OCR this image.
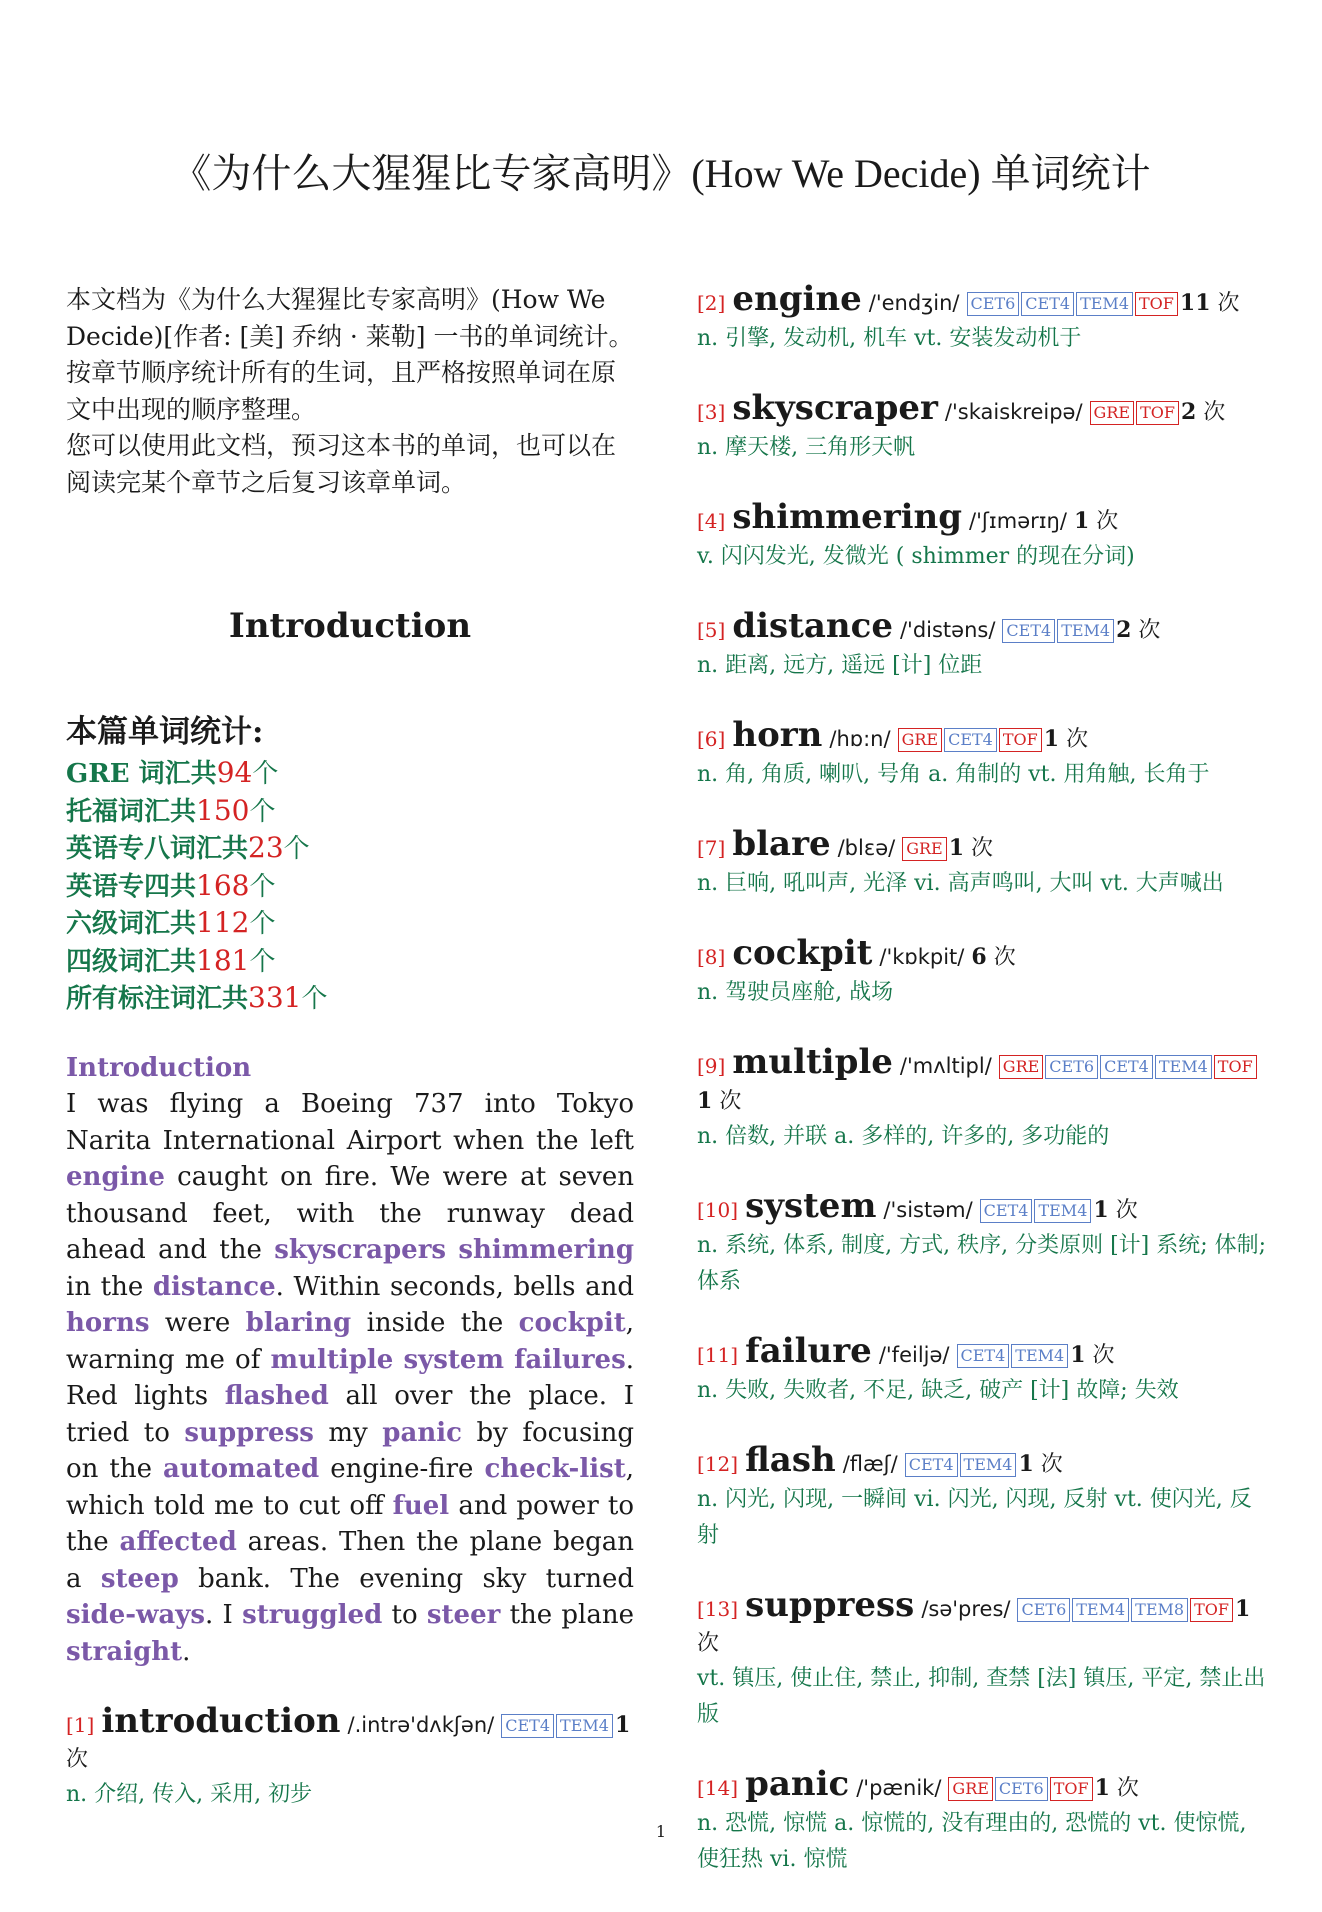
《为什么大猩猩比专家高明》(How We Decide) 单词统计

本文档为《为什么大猩猩比专家高明》(How We Decide)[作者: [美] 乔纳 · 莱勒] 一书的单词统计。

按章节顺序统计所有的生词，且严格按照单词在原文中出现的顺序整理。

您可以使用此文档，预习这本书的单词，也可以在阅读完某个章节之后复习该章单词。

Introduction
本篇单词统计:
GRE 词汇共94个
托福词汇共150个
英语专八词汇共23个
英语专四共168个
六级词汇共112个
四级词汇共181个
所有标注词汇共331个
Introduction
I was flying a Boeing 737 into Tokyo Narita International Airport when the left engine caught on fire. We were at seven thousand feet, with the runway dead ahead and the skyscrapers shimmering in the distance. Within seconds, bells and horns were blaring inside the cockpit, warning me of multiple system failures. Red lights flashed all over the place. I tried to suppress my panic by focusing on the automated engine-fire check-list, which told me to cut off fuel and power to the affected areas. Then the plane began a steep bank. The evening sky turned side-ways. I struggled to steer the plane straight.
[1] introduction /.intrə'dʌkʃən/ CET4 TEM4 1 次
n. 介绍, 传入, 采用, 初步
[2] engine /'endʒin/ CET6 CET4 TEM4 TOF 11 次
n. 引擎, 发动机, 机车 vt. 安装发动机于
[3] skyscraper /'skaiskreipə/ GRE TOF 2 次
n. 摩天楼, 三角形天帆
[4] shimmering /'ʃɪmərɪŋ/ 1 次
v. 闪闪发光, 发微光 ( shimmer 的现在分词)
[5] distance /'distəns/ CET4 TEM4 2 次
n. 距离, 远方, 遥远 [计] 位距
[6] horn /hɒ:n/ GRE CET4 TOF 1 次
n. 角, 角质, 喇叭, 号角 a. 角制的 vt. 用角触, 长角于
[7] blare /blɛə/ GRE 1 次
n. 巨响, 吼叫声, 光泽 vi. 高声鸣叫, 大叫 vt. 大声喊出
[8] cockpit /'kɒkpit/ 6 次
n. 驾驶员座舱, 战场
[9] multiple /'mʌltipl/ GRE CET6 CET4 TEM4 TOF1 次
n. 倍数, 并联 a. 多样的, 许多的, 多功能的
[10] system /'sistəm/ CET4 TEM4 1 次
n. 系统, 体系, 制度, 方式, 秩序, 分类原则 [计] 系统; 体制; 体系
[11] failure /'feiljə/ CET4 TEM4 1 次
n. 失败, 失败者, 不足, 缺乏, 破产 [计] 故障; 失效
[12] flash /flæʃ/ CET4 TEM4 1 次
n. 闪光, 闪现, 一瞬间 vi. 闪光, 闪现, 反射 vt. 使闪光, 反射
[13] suppress /sə'pres/ CET6 TEM4 TEM8 TOF 1 次
vt. 镇压, 使止住, 禁止, 抑制, 查禁 [法] 镇压, 平定, 禁止出版
[14] panic /'pænik/ GRE CET6 TOF 1 次
n. 恐慌, 惊慌 a. 惊慌的, 没有理由的, 恐慌的 vt. 使惊慌, 使狂热 vi. 惊慌
1
